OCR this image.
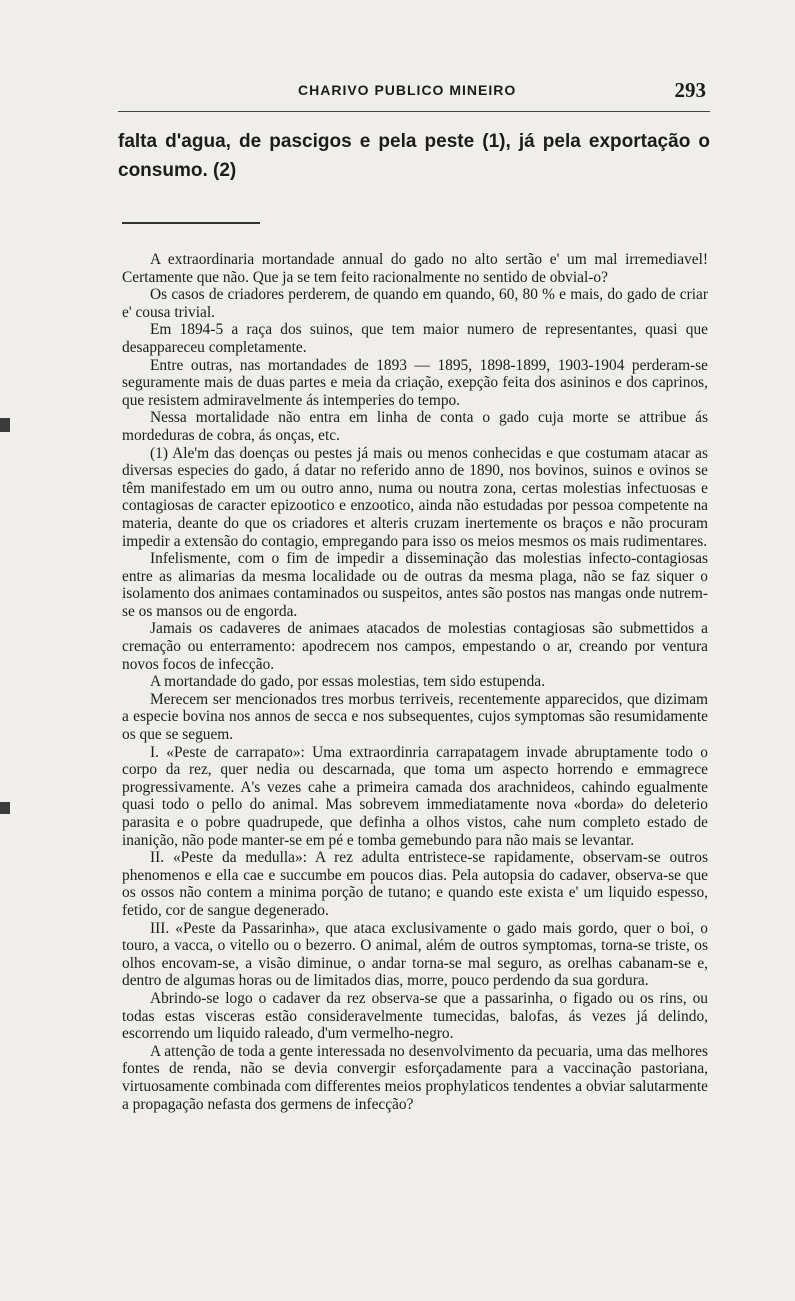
CHARIVO PUBLICO MINEIRO	293
falta d'agua, de pascigos e pela peste (1), já pela exportação o consumo. (2)

A extraordinaria mortandade annual do gado no alto sertão e' um mal irremediavel! Certamente que não. Que ja se tem feito racionalmente no sentido de obvial-o?

Os casos de criadores perderem, de quando em quando, 60, 80 % e mais, do gado de criar e' cousa trivial.

Em 1894-5 a raça dos suinos, que tem maior numero de representantes, quasi que desappareceu completamente.

Entre outras, nas mortandades de 1893 — 1895, 1898-1899, 1903-1904 perderam-se seguramente mais de duas partes e meia da criação, exepção feita dos asininos e dos caprinos, que resistem admiravelmente ás intemperies do tempo.

Nessa mortalidade não entra em linha de conta o gado cuja morte se attribue ás mordeduras de cobra, ás onças, etc.

(1) Ale'm das doenças ou pestes já mais ou menos conhecidas e que costumam atacar as diversas especies do gado, á datar no referido anno de 1890, nos bovinos, suinos e ovinos se têm manifestado em um ou outro anno, numa ou noutra zona, certas molestias infectuosas e contagiosas de caracter epizootico e enzootico, ainda não estudadas por pessoa competente na materia, deante do que os criadores et alteris cruzam inertemente os braços e não procuram impedir a extensão do contagio, empregando para isso os meios mesmos os mais rudimentares.

Infelismente, com o fim de impedir a disseminação das molestias infecto-contagiosas entre as alimarias da mesma localidade ou de outras da mesma plaga, não se faz siquer o isolamento dos animaes contaminados ou suspeitos, antes são postos nas mangas onde nutrem-se os mansos ou de engorda.

Jamais os cadaveres de animaes atacados de molestias contagiosas são submettidos a cremação ou enterramento: apodrecem nos campos, empestando o ar, creando por ventura novos focos de infecção.

A mortandade do gado, por essas molestias, tem sido estupenda.

Merecem ser mencionados tres morbus terriveis, recentemente apparecidos, que dizimam a especie bovina nos annos de secca e nos subsequentes, cujos symptomas são resumidamente os que se seguem.

I. «Peste de carrapato»: Uma extraordinria carrapatagem invade abruptamente todo o corpo da rez, quer nedia ou descarnada, que toma um aspecto horrendo e emmagrece progressivamente. A's vezes cahe a primeira camada dos arachnideos, cahindo egualmente quasi todo o pello do animal. Mas sobrevem immediatamente nova «borda» do deleterio parasita e o pobre quadrupede, que definha a olhos vistos, cahe num completo estado de inanição, não pode manter-se em pé e tomba gemebundo para não mais se levantar.

II. «Peste da medulla»: A rez adulta entristece-se rapidamente, observam-se outros phenomenos e ella cae e succumbe em poucos dias. Pela autopsia do cadaver, observa-se que os ossos não contem a minima porção de tutano; e quando este exista e' um liquido espesso, fetido, cor de sangue degenerado.

III. «Peste da Passarinha», que ataca exclusivamente o gado mais gordo, quer o boi, o touro, a vacca, o vitello ou o bezerro. O animal, além de outros symptomas, torna-se triste, os olhos encovam-se, a visão diminue, o andar torna-se mal seguro, as orelhas cabanam-se e, dentro de algumas horas ou de limitados dias, morre, pouco perdendo da sua gordura.

Abrindo-se logo o cadaver da rez observa-se que a passarinha, o figado ou os rins, ou todas estas visceras estão consideravelmente tumecidas, balofas, ás vezes já delindo, escorrendo um liquido raleado, d'um vermelho-negro.

A attenção de toda a gente interessada no desenvolvimento da pecuaria, uma das melhores fontes de renda, não se devia convergir esforçadamente para a vaccinação pastoriana, virtuosamente combinada com differentes meios prophylaticos tendentes a obviar salutarmente a propagação nefasta dos germens de infecção?
